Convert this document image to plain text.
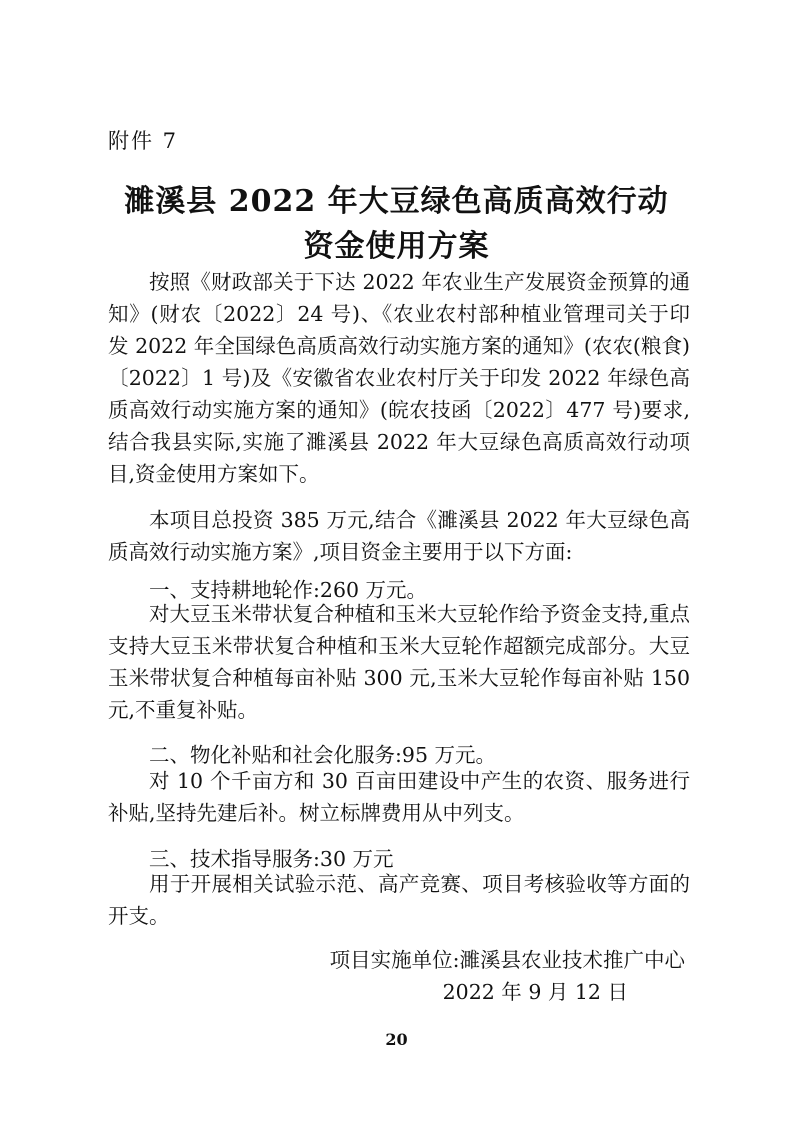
附件 7
濉溪县 2022 年大豆绿色高质高效行动
资金使用方案
按照《财政部关于下达 2022 年农业生产发展资金预算的通知》(财农〔2022〕24 号)、《农业农村部种植业管理司关于印发 2022 年全国绿色高质高效行动实施方案的通知》(农农(粮食)〔2022〕1 号)及《安徽省农业农村厅关于印发 2022 年绿色高质高效行动实施方案的通知》(皖农技函〔2022〕477 号)要求,结合我县实际,实施了濉溪县 2022 年大豆绿色高质高效行动项目,资金使用方案如下。
本项目总投资 385 万元,结合《濉溪县 2022 年大豆绿色高质高效行动实施方案》,项目资金主要用于以下方面:
一、支持耕地轮作:260 万元。
对大豆玉米带状复合种植和玉米大豆轮作给予资金支持,重点支持大豆玉米带状复合种植和玉米大豆轮作超额完成部分。大豆玉米带状复合种植每亩补贴 300 元,玉米大豆轮作每亩补贴 150 元,不重复补贴。
二、物化补贴和社会化服务:95 万元。
对 10 个千亩方和 30 百亩田建设中产生的农资、服务进行补贴,坚持先建后补。树立标牌费用从中列支。
三、技术指导服务:30 万元
用于开展相关试验示范、高产竞赛、项目考核验收等方面的开支。
项目实施单位:濉溪县农业技术推广中心
2022 年 9 月 12 日
20
